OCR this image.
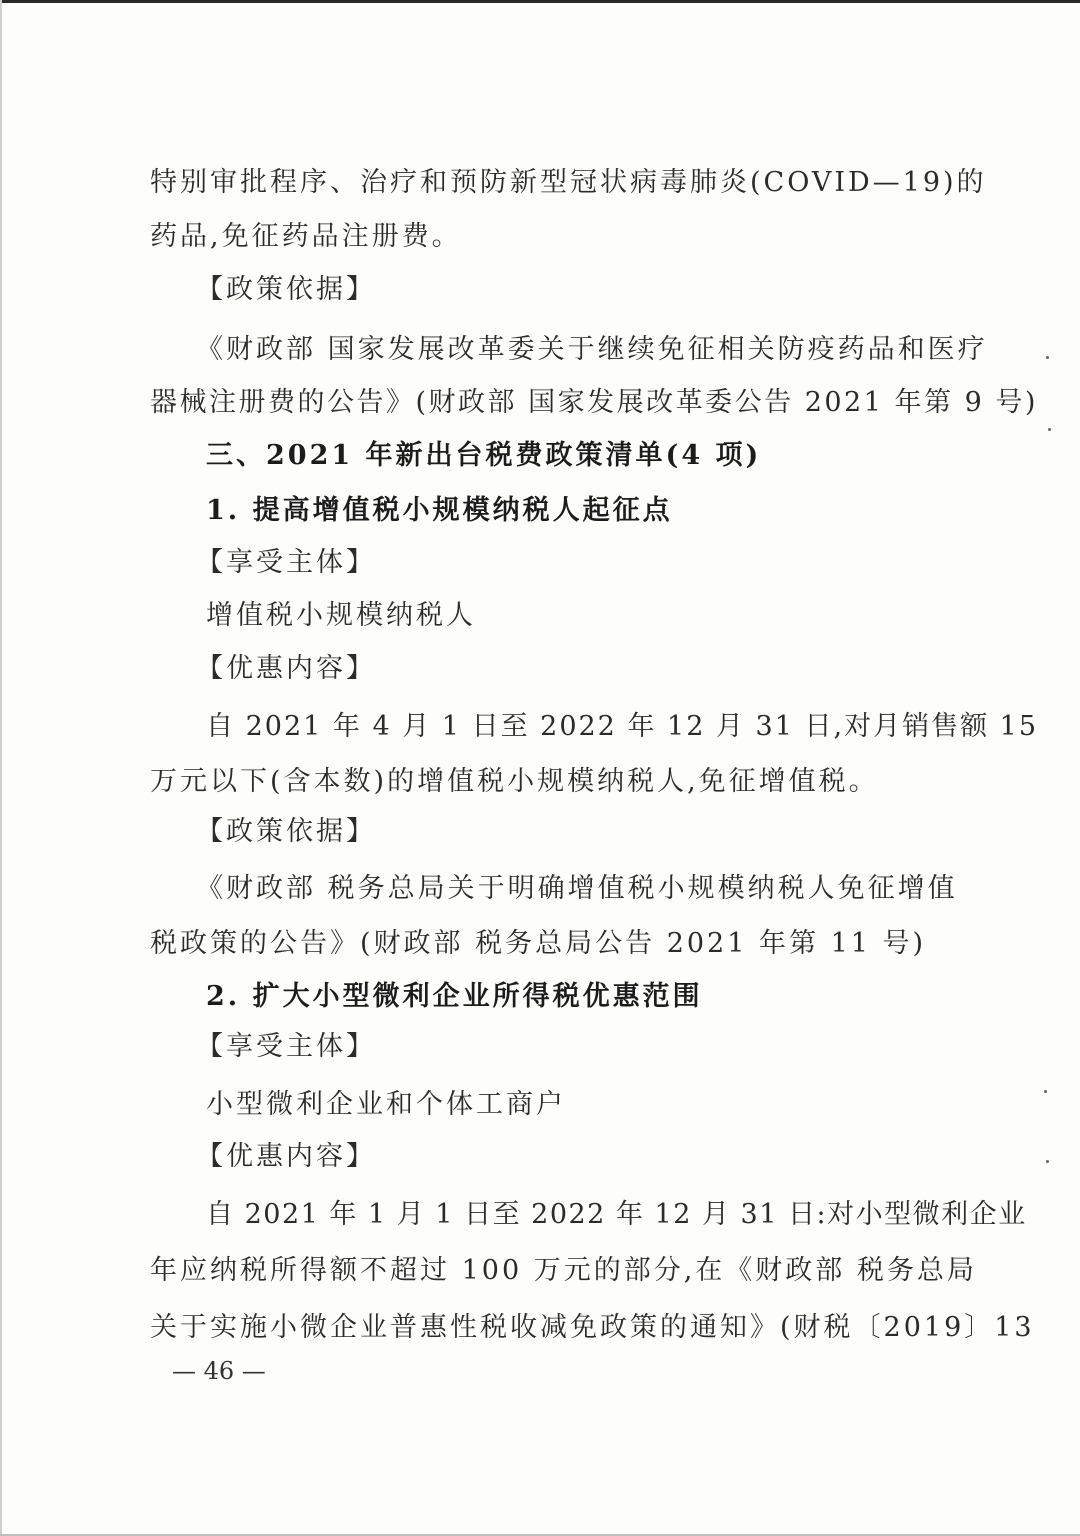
特别审批程序、治疗和预防新型冠状病毒肺炎(COVID—19)的
药品,免征药品注册费。
【政策依据】
《财政部 国家发展改革委关于继续免征相关防疫药品和医疗
器械注册费的公告》(财政部 国家发展改革委公告 2021 年第 9 号)
三、2021 年新出台税费政策清单(4 项)
1. 提高增值税小规模纳税人起征点
【享受主体】
增值税小规模纳税人
【优惠内容】
自 2021 年 4 月 1 日至 2022 年 12 月 31 日,对月销售额 15
万元以下(含本数)的增值税小规模纳税人,免征增值税。
【政策依据】
《财政部 税务总局关于明确增值税小规模纳税人免征增值
税政策的公告》(财政部 税务总局公告 2021 年第 11 号)
2. 扩大小型微利企业所得税优惠范围
【享受主体】
小型微利企业和个体工商户
【优惠内容】
自 2021 年 1 月 1 日至 2022 年 12 月 31 日:对小型微利企业
年应纳税所得额不超过 100 万元的部分,在《财政部 税务总局
关于实施小微企业普惠性税收减免政策的通知》(财税〔2019〕13
— 46 —
